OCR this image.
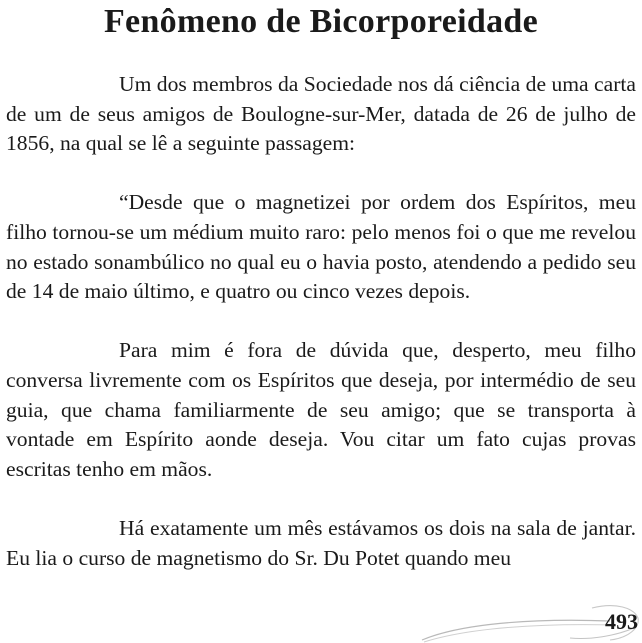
Fenômeno de Bicorporeidade

Um dos membros da Sociedade nos dá ciência de uma carta de um de seus amigos de Boulogne-sur-Mer, datada de 26 de julho de 1856, na qual se lê a seguinte passagem:

“Desde que o magnetizei por ordem dos Espíritos, meu filho tornou-se um médium muito raro: pelo menos foi o que me revelou no estado sonambúlico no qual eu o havia posto, atendendo a pedido seu de 14 de maio último, e quatro ou cinco vezes depois.

Para mim é fora de dúvida que, desperto, meu filho conversa livremente com os Espíritos que deseja, por intermédio de seu guia, que chama familiarmente de seu amigo; que se transporta à vontade em Espírito aonde deseja. Vou citar um fato cujas provas escritas tenho em mãos.

Há exatamente um mês estávamos os dois na sala de jantar. Eu lia o curso de magnetismo do Sr. Du Potet quando meu

493
